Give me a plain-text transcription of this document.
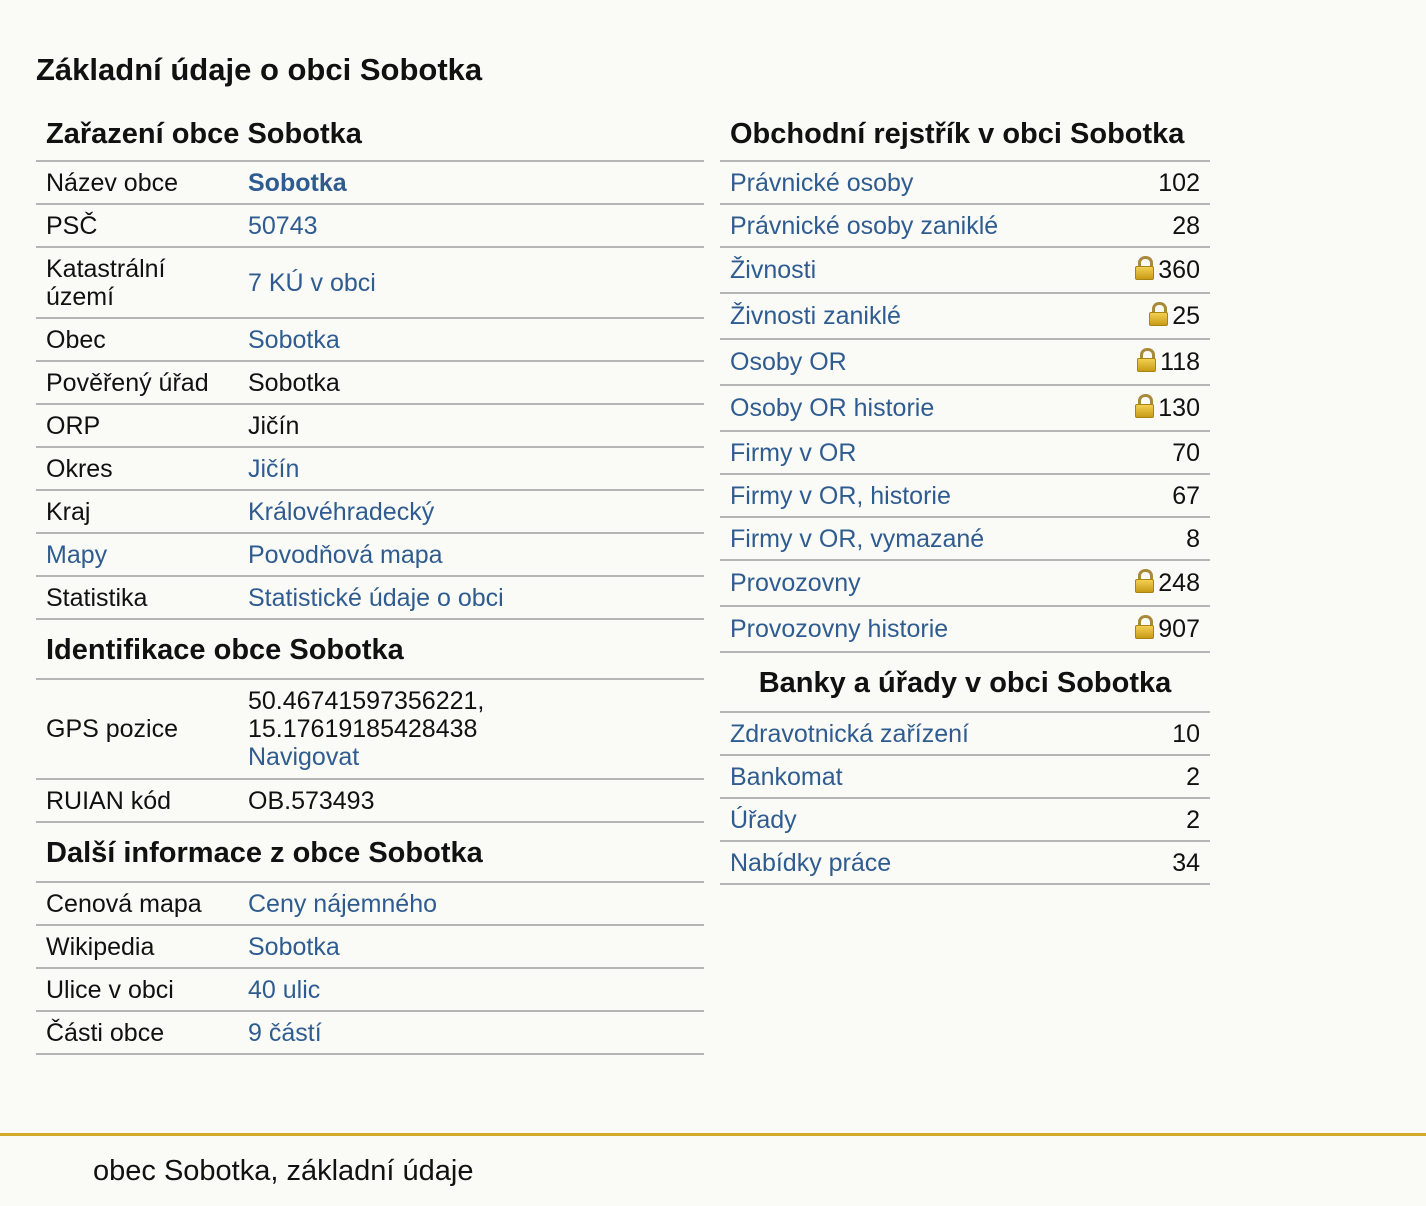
Základní údaje o obci Sobotka
Zařazení obce Sobotka
Název obce	Sobotka
PSČ	50743
Katastrální území	7 KÚ v obci
Obec	Sobotka
Pověřený úřad	Sobotka
ORP	Jičín
Okres	Jičín
Kraj	Královéhradecký
Mapy	Povodňová mapa
Statistika	Statistické údaje o obci
Identifikace obce Sobotka
GPS pozice	50.46741597356221, 15.17619185428438
Navigovat
RUIAN kód	OB.573493
Další informace z obce Sobotka
Cenová mapa	Ceny nájemného
Wikipedia	Sobotka
Ulice v obci	40 ulic
Části obce	9 částí
Obchodní rejstřík v obci Sobotka
Právnické osoby	102
Právnické osoby zaniklé	28
Živnosti	360
Živnosti zaniklé	25
Osoby OR	118
Osoby OR historie	130
Firmy v OR	70
Firmy v OR, historie	67
Firmy v OR, vymazané	8
Provozovny	248
Provozovny historie	907
Banky a úřady v obci Sobotka
Zdravotnická zařízení	10
Bankomat	2
Úřady	2
Nabídky práce	34
obec Sobotka, základní údaje
